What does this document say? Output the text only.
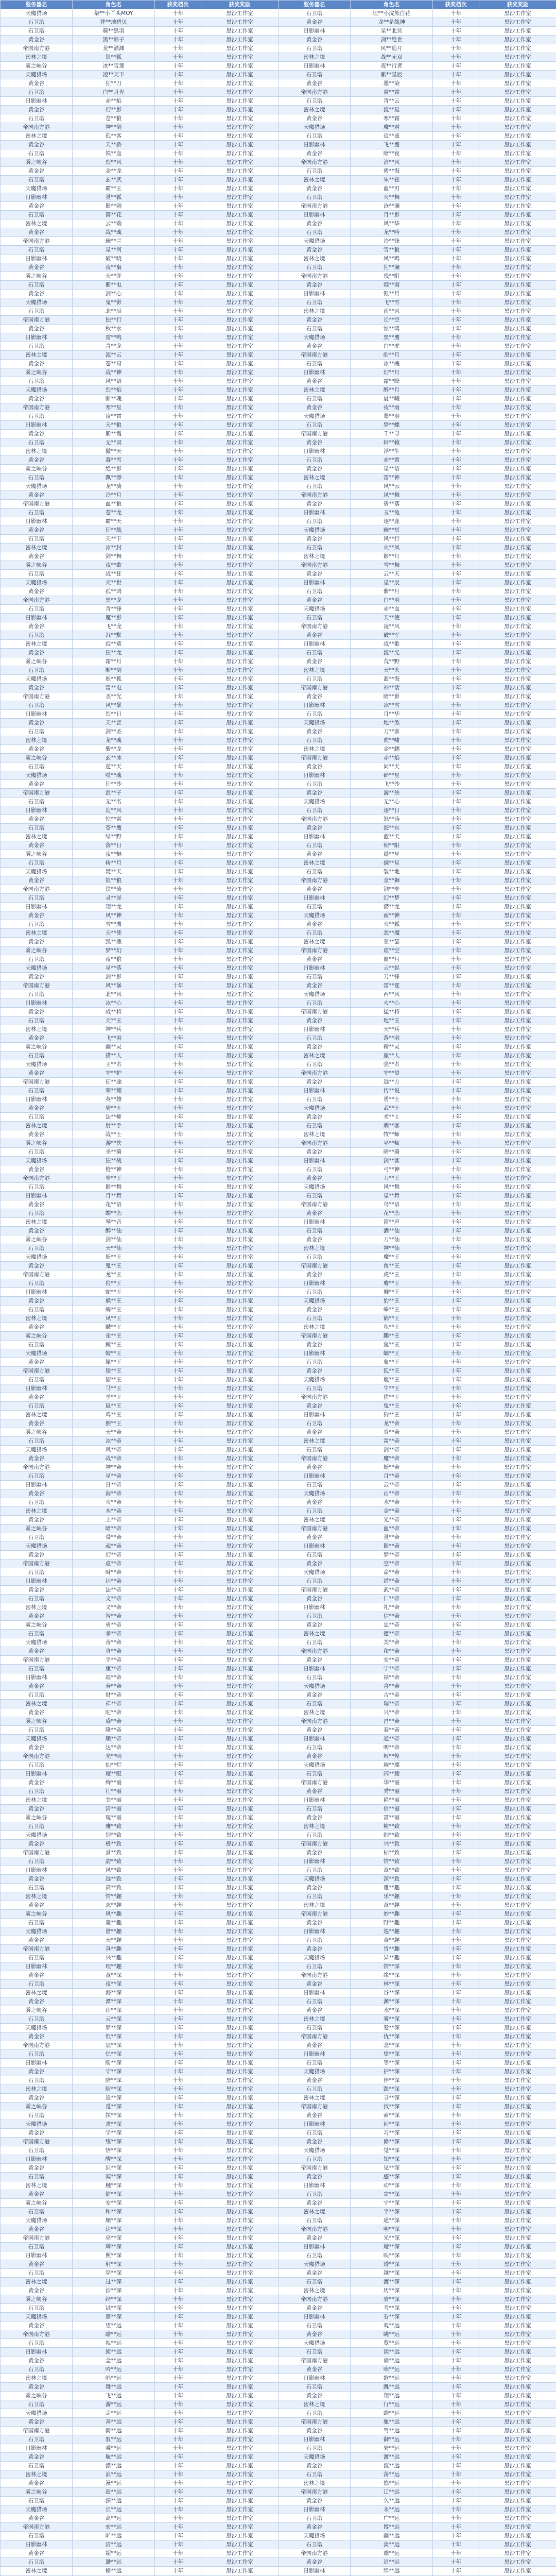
服务器名	角色名	获奖档次	获奖奖励	服务器名	角色名	获奖档次	获奖奖励
天魔猎场	桀**小丫头MOY	十年	黑沙工作室	石卫塔	坦**小浣熊白花	十年	黑沙工作室
石卫塔	葬**地碧贝	十年	黑沙工作室	黄金谷	龙**是战神	十年	黑沙工作室
石卫塔	骑**黑羽	十年	黑沙工作室	日影幽林	星**北冥	十年	黑沙工作室
黄金谷	黑**影子	十年	黑沙工作室	黄金谷	剑**绝世	十年	黑沙工作室
帝国南方港	龙**潜渊	十年	黑沙工作室	石卫塔	风**追月	十年	黑沙工作室
密林之境	银**狐	十年	黑沙工作室	密林之境	战**无双	十年	黑沙工作室
雾之峡谷	冰**雪莲	十年	黑沙工作室	日影幽林	夜**行者	十年	黑沙工作室
天魔猎场	凌**天下	十年	黑沙工作室	石卫塔	紫**星辰	十年	黑沙工作室
黄金谷	狂**刀	十年	黑沙工作室	黄金谷	墨**染	十年	黑沙工作室
石卫塔	白**月光	十年	黑沙工作室	帝国南方港	雷**霆	十年	黑沙工作室
日影幽林	赤**焰	十年	黑沙工作室	石卫塔	青**云	十年	黑沙工作室
黄金谷	幻**影	十年	黑沙工作室	密林之境	流**星	十年	黑沙工作室
石卫塔	苍**狼	十年	黑沙工作室	黄金谷	寒**霜	十年	黑沙工作室
帝国南方港	神**剑	十年	黑沙工作室	天魔猎场	魔**君	十年	黑沙工作室
密林之境	孤**客	十年	黑沙工作室	石卫塔	逍**遥	十年	黑沙工作室
黄金谷	天**骄	十年	黑沙工作室	日影幽林	飞**鹰	十年	黑沙工作室
石卫塔	铁**血	十年	黑沙工作室	黄金谷	暗**夜	十年	黑沙工作室
雾之峡谷	烈**风	十年	黑沙工作室	帝国南方港	清**风	十年	黑沙工作室
黄金谷	金**龙	十年	黑沙工作室	石卫塔	碧**海	十年	黑沙工作室
石卫塔	玄**武	十年	黑沙工作室	密林之境	朱**雀	十年	黑沙工作室
天魔猎场	霸**王	十年	黑沙工作室	黄金谷	血**刃	十年	黑沙工作室
日影幽林	灵**狐	十年	黑沙工作室	石卫塔	火**舞	十年	黑沙工作室
黄金谷	影**刺	十年	黑沙工作室	帝国南方港	沧**澜	十年	黑沙工作室
石卫塔	落**花	十年	黑沙工作室	日影幽林	月**影	十年	黑沙工作室
密林之境	云**端	十年	黑沙工作室	黄金谷	风**华	十年	黑沙工作室
黄金谷	战**魂	十年	黑沙工作室	石卫塔	龙**吟	十年	黑沙工作室
帝国南方港	幽**兰	十年	黑沙工作室	天魔猎场	冷**锋	十年	黑沙工作室
石卫塔	星**河	十年	黑沙工作室	黄金谷	雪**狼	十年	黑沙工作室
日影幽林	破**晓	十年	黑沙工作室	密林之境	凤**鸣	十年	黑沙工作室
黄金谷	夜**枭	十年	黑沙工作室	石卫塔	狂**澜	十年	黑沙工作室
雾之峡谷	天**涯	十年	黑沙工作室	帝国南方港	残**阳	十年	黑沙工作室
石卫塔	紫**电	十年	黑沙工作室	黄金谷	烟**雨	十年	黑沙工作室
黄金谷	剑**心	十年	黑沙工作室	日影幽林	银**月	十年	黑沙工作室
天魔猎场	鬼**影	十年	黑沙工作室	石卫塔	飞**雪	十年	黑沙工作室
石卫塔	北**辰	十年	黑沙工作室	密林之境	南**风	十年	黑沙工作室
帝国南方港	独**行	十年	黑沙工作室	黄金谷	长**空	十年	黑沙工作室
黄金谷	秋**水	十年	黑沙工作室	石卫塔	惊**鸿	十年	黑沙工作室
日影幽林	雷**鸣	十年	黑沙工作室	天魔猎场	黑**鹰	十年	黑沙工作室
石卫塔	青**龙	十年	黑沙工作室	黄金谷	白**虎	十年	黑沙工作室
密林之境	流**云	十年	黑沙工作室	帝国南方港	皓**月	十年	黑沙工作室
黄金谷	苍**穹	十年	黑沙工作室	石卫塔	冰**魄	十年	黑沙工作室
雾之峡谷	战**神	十年	黑沙工作室	日影幽林	幻**月	十年	黑沙工作室
石卫塔	风**语	十年	黑沙工作室	黄金谷	霜**降	十年	黑沙工作室
天魔猎场	烈**焰	十年	黑沙工作室	密林之境	醉**月	十年	黑沙工作室
黄金谷	断**魂	十年	黑沙工作室	石卫塔	晨**曦	十年	黑沙工作室
帝国南方港	寒**星	十年	黑沙工作室	黄金谷	夜**雨	十年	黑沙工作室
石卫塔	凌**霄	十年	黑沙工作室	天魔猎场	墨**羽	十年	黑沙工作室
日影幽林	天**狼	十年	黑沙工作室	石卫塔	梦**蝶	十年	黑沙工作室
黄金谷	紫**霞	十年	黑沙工作室	帝国南方港	千**寻	十年	黑沙工作室
石卫塔	无**双	十年	黑沙工作室	黄金谷	轩**辕	十年	黑沙工作室
密林之境	傲**天	十年	黑沙工作室	日影幽林	浮**生	十年	黑沙工作室
黄金谷	暮**雪	十年	黑沙工作室	石卫塔	赤**霄	十年	黑沙工作室
雾之峡谷	绝**影	十年	黑沙工作室	黄金谷	星**语	十年	黑沙工作室
石卫塔	飘**渺	十年	黑沙工作室	密林之境	雷**神	十年	黑沙工作室
天魔猎场	龙**骑	十年	黑沙工作室	石卫塔	风**云	十年	黑沙工作室
黄金谷	冷**月	十年	黑沙工作室	帝国南方港	凤**舞	十年	黑沙工作室
帝国南方港	血**狼	十年	黑沙工作室	黄金谷	碧**落	十年	黑沙工作室
石卫塔	苍**龙	十年	黑沙工作室	日影幽林	玉**兔	十年	黑沙工作室
日影幽林	霸**天	十年	黑沙工作室	石卫塔	逐**鹿	十年	黑沙工作室
黄金谷	狂**战	十年	黑沙工作室	天魔猎场	幽**冥	十年	黑沙工作室
石卫塔	天**下	十年	黑沙工作室	黄金谷	风**行	十年	黑沙工作室
密林之境	冰**封	十年	黑沙工作室	石卫塔	火**凤	十年	黑沙工作室
黄金谷	剑**舞	十年	黑沙工作室	密林之境	影**月	十年	黑沙工作室
雾之峡谷	夜**歌	十年	黑沙工作室	帝国南方港	雪**舞	十年	黑沙工作室
石卫塔	战**狂	十年	黑沙工作室	黄金谷	云**天	十年	黑沙工作室
天魔猎场	灭**世	十年	黑沙工作室	日影幽林	星**辰	十年	黑沙工作室
黄金谷	孤**鸿	十年	黑沙工作室	石卫塔	紫**月	十年	黑沙工作室
帝国南方港	黑**龙	十年	黑沙工作室	黄金谷	白**羽	十年	黑沙工作室
石卫塔	青**锋	十年	黑沙工作室	天魔猎场	赤**血	十年	黑沙工作室
日影幽林	魔**影	十年	黑沙工作室	石卫塔	天**使	十年	黑沙工作室
黄金谷	飞**龙	十年	黑沙工作室	帝国南方港	凌**风	十年	黑沙工作室
石卫塔	沉**默	十年	黑沙工作室	黄金谷	破**军	十年	黑沙工作室
密林之境	寂**寞	十年	黑沙工作室	日影幽林	战**歌	十年	黑沙工作室
黄金谷	狂**龙	十年	黑沙工作室	石卫塔	流**光	十年	黑沙工作室
雾之峡谷	霜**月	十年	黑沙工作室	黄金谷	荒**野	十年	黑沙工作室
石卫塔	断**剑	十年	黑沙工作室	密林之境	天**火	十年	黑沙工作室
天魔猎场	妖**狐	十年	黑沙工作室	石卫塔	蓝**海	十年	黑沙工作室
黄金谷	雷**电	十年	黑沙工作室	帝国南方港	神**话	十年	黑沙工作室
帝国南方港	圣**光	十年	黑沙工作室	黄金谷	暗**影	十年	黑沙工作室
石卫塔	风**暴	十年	黑沙工作室	日影幽林	冰**雪	十年	黑沙工作室
日影幽林	烈**日	十年	黑沙工作室	石卫塔	月**华	十年	黑沙工作室
黄金谷	天**罡	十年	黑沙工作室	天魔猎场	地**煞	十年	黑沙工作室
石卫塔	剑**圣	十年	黑沙工作室	黄金谷	刀**客	十年	黑沙工作室
密林之境	龙**魂	十年	黑沙工作室	石卫塔	虎**啸	十年	黑沙工作室
黄金谷	紫**龙	十年	黑沙工作室	密林之境	金**鹏	十年	黑沙工作室
雾之峡谷	玄**冰	十年	黑沙工作室	帝国南方港	赤**焰	十年	黑沙工作室
石卫塔	逆**天	十年	黑沙工作室	黄金谷	问**天	十年	黑沙工作室
天魔猎场	噬**魂	十年	黑沙工作室	日影幽林	碎**星	十年	黑沙工作室
黄金谷	狂**沙	十年	黑沙工作室	石卫塔	飞**沙	十年	黑沙工作室
帝国南方港	浪**子	十年	黑沙工作室	黄金谷	游**侠	十年	黑沙工作室
石卫塔	无**名	十年	黑沙工作室	天魔猎场	无**心	十年	黑沙工作室
日影幽林	追**风	十年	黑沙工作室	石卫塔	逐**日	十年	黑沙工作室
黄金谷	惊**雷	十年	黑沙工作室	帝国南方港	怒**涛	十年	黑沙工作室
石卫塔	苍**鹰	十年	黑沙工作室	黄金谷	海**东	十年	黑沙工作室
密林之境	绿**野	十年	黑沙工作室	日影幽林	蓝**天	十年	黑沙工作室
黄金谷	落**日	十年	黑沙工作室	石卫塔	朝**阳	十年	黑沙工作室
雾之峡谷	夜**魅	十年	黑沙工作室	黄金谷	晨**星	十年	黑沙工作室
石卫塔	斩**月	十年	黑沙工作室	密林之境	摘**星	十年	黑沙工作室
天魔猎场	焚**天	十年	黑沙工作室	石卫塔	裂**地	十年	黑沙工作室
黄金谷	银**狼	十年	黑沙工作室	帝国南方港	金**狮	十年	黑沙工作室
帝国南方港	铁**骑	十年	黑沙工作室	黄金谷	钢**拳	十年	黑沙工作室
石卫塔	灵**犀	十年	黑沙工作室	日影幽林	幻**梦	十年	黑沙工作室
日影幽林	翔**龙	十年	黑沙工作室	石卫塔	潜**龙	十年	黑沙工作室
黄金谷	风**神	十年	黑沙工作室	天魔猎场	雨**神	十年	黑沙工作室
石卫塔	雪**鹰	十年	黑沙工作室	黄金谷	火**狐	十年	黑沙工作室
密林之境	天**使	十年	黑沙工作室	石卫塔	恶**魔	十年	黑沙工作室
黄金谷	凯**撒	十年	黑沙工作室	密林之境	亚**瑟	十年	黑沙工作室
雾之峡谷	梦**幻	十年	黑沙工作室	帝国南方港	虚**空	十年	黑沙工作室
石卫塔	夜**狼	十年	黑沙工作室	黄金谷	血**月	十年	黑沙工作室
天魔猎场	星**落	十年	黑沙工作室	日影幽林	云**起	十年	黑沙工作室
黄金谷	剑**影	十年	黑沙工作室	石卫塔	刀**锋	十年	黑沙工作室
帝国南方港	风**暴	十年	黑沙工作室	黄金谷	雷**霆	十年	黑沙工作室
石卫塔	北**风	十年	黑沙工作室	天魔猎场	西**风	十年	黑沙工作室
日影幽林	冰**心	十年	黑沙工作室	石卫塔	火**心	十年	黑沙工作室
黄金谷	战**将	十年	黑沙工作室	帝国南方港	猛**将	十年	黑沙工作室
石卫塔	天**王	十年	黑沙工作室	黄金谷	地**王	十年	黑沙工作室
密林之境	神**兵	十年	黑沙工作室	日影幽林	天**兵	十年	黑沙工作室
黄金谷	飞**羽	十年	黑沙工作室	石卫塔	落**羽	十年	黑沙工作室
雾之峡谷	幽**灵	十年	黑沙工作室	黄金谷	精**灵	十年	黑沙工作室
石卫塔	猎**人	十年	黑沙工作室	密林之境	旅**人	十年	黑沙工作室
天魔猎场	王**者	十年	黑沙工作室	石卫塔	强**者	十年	黑沙工作室
黄金谷	守**护	十年	黑沙工作室	帝国南方港	守**望	十年	黑沙工作室
帝国南方港	征**途	十年	黑沙工作室	黄金谷	远**方	十年	黑沙工作室
石卫塔	荣**耀	十年	黑沙工作室	日影幽林	传**说	十年	黑沙工作室
日影幽林	英**雄	十年	黑沙工作室	石卫塔	勇**士	十年	黑沙工作室
黄金谷	骑**士	十年	黑沙工作室	天魔猎场	武**士	十年	黑沙工作室
石卫塔	法**师	十年	黑沙工作室	黄金谷	术**士	十年	黑沙工作室
密林之境	射**手	十年	黑沙工作室	石卫塔	刺**客	十年	黑沙工作室
黄金谷	战**士	十年	黑沙工作室	密林之境	牧**师	十年	黑沙工作室
雾之峡谷	游**侠	十年	黑沙工作室	帝国南方港	巫**师	十年	黑沙工作室
石卫塔	圣**骑	十年	黑沙工作室	黄金谷	暗**骑	十年	黑沙工作室
天魔猎场	狂**战	十年	黑沙工作室	日影幽林	剑**客	十年	黑沙工作室
黄金谷	枪**神	十年	黑沙工作室	石卫塔	弓**神	十年	黑沙工作室
帝国南方港	拳**王	十年	黑沙工作室	黄金谷	刀**王	十年	黑沙工作室
石卫塔	影**舞	十年	黑沙工作室	天魔猎场	风**舞	十年	黑沙工作室
日影幽林	月**舞	十年	黑沙工作室	石卫塔	星**舞	十年	黑沙工作室
黄金谷	花**语	十年	黑沙工作室	帝国南方港	鸟**语	十年	黑沙工作室
石卫塔	蝶**恋	十年	黑沙工作室	黄金谷	花**恋	十年	黑沙工作室
密林之境	琴**音	十年	黑沙工作室	日影幽林	笛**声	十年	黑沙工作室
黄金谷	醉**仙	十年	黑沙工作室	石卫塔	酒**仙	十年	黑沙工作室
雾之峡谷	剑**仙	十年	黑沙工作室	黄金谷	刀**仙	十年	黑沙工作室
石卫塔	天**仙	十年	黑沙工作室	密林之境	神**仙	十年	黑沙工作室
天魔猎场	妖**王	十年	黑沙工作室	石卫塔	魔**王	十年	黑沙工作室
黄金谷	鬼**王	十年	黑沙工作室	帝国南方港	兽**王	十年	黑沙工作室
帝国南方港	龙**王	十年	黑沙工作室	黄金谷	虎**王	十年	黑沙工作室
石卫塔	狼**王	十年	黑沙工作室	日影幽林	鹰**王	十年	黑沙工作室
日影幽林	蛇**王	十年	黑沙工作室	石卫塔	狮**王	十年	黑沙工作室
黄金谷	熊**王	十年	黑沙工作室	天魔猎场	豹**王	十年	黑沙工作室
石卫塔	蝎**王	十年	黑沙工作室	黄金谷	蛛**王	十年	黑沙工作室
密林之境	凤**王	十年	黑沙工作室	石卫塔	鹤**王	十年	黑沙工作室
黄金谷	麟**王	十年	黑沙工作室	密林之境	龟**王	十年	黑沙工作室
雾之峡谷	雀**王	十年	黑沙工作室	帝国南方港	鹏**王	十年	黑沙工作室
石卫塔	鲸**王	十年	黑沙工作室	黄金谷	鲨**王	十年	黑沙工作室
天魔猎场	蛟**王	十年	黑沙工作室	日影幽林	螭**王	十年	黑沙工作室
黄金谷	犀**王	十年	黑沙工作室	石卫塔	象**王	十年	黑沙工作室
帝国南方港	猿**王	十年	黑沙工作室	黄金谷	狐**王	十年	黑沙工作室
石卫塔	貂**王	十年	黑沙工作室	天魔猎场	鹿**王	十年	黑沙工作室
日影幽林	马**王	十年	黑沙工作室	石卫塔	牛**王	十年	黑沙工作室
黄金谷	羊**王	十年	黑沙工作室	帝国南方港	猪**王	十年	黑沙工作室
石卫塔	鼠**王	十年	黑沙工作室	黄金谷	兔**王	十年	黑沙工作室
密林之境	鸡**王	十年	黑沙工作室	日影幽林	狗**王	十年	黑沙工作室
黄金谷	猴**王	十年	黑沙工作室	石卫塔	龙**帝	十年	黑沙工作室
雾之峡谷	天**帝	十年	黑沙工作室	黄金谷	炎**帝	十年	黑沙工作室
石卫塔	冰**帝	十年	黑沙工作室	密林之境	雷**帝	十年	黑沙工作室
天魔猎场	风**帝	十年	黑沙工作室	石卫塔	剑**帝	十年	黑沙工作室
黄金谷	战**帝	十年	黑沙工作室	帝国南方港	魔**帝	十年	黑沙工作室
帝国南方港	神**帝	十年	黑沙工作室	黄金谷	妖**帝	十年	黑沙工作室
石卫塔	星**帝	十年	黑沙工作室	日影幽林	月**帝	十年	黑沙工作室
日影幽林	日**帝	十年	黑沙工作室	石卫塔	云**帝	十年	黑沙工作室
黄金谷	海**帝	十年	黑沙工作室	天魔猎场	山**帝	十年	黑沙工作室
石卫塔	火**帝	十年	黑沙工作室	黄金谷	水**帝	十年	黑沙工作室
密林之境	木**帝	十年	黑沙工作室	石卫塔	金**帝	十年	黑沙工作室
黄金谷	土**帝	十年	黑沙工作室	密林之境	光**帝	十年	黑沙工作室
雾之峡谷	暗**帝	十年	黑沙工作室	帝国南方港	血**帝	十年	黑沙工作室
石卫塔	骨**帝	十年	黑沙工作室	黄金谷	灵**帝	十年	黑沙工作室
天魔猎场	魂**帝	十年	黑沙工作室	日影幽林	影**帝	十年	黑沙工作室
黄金谷	幻**帝	十年	黑沙工作室	石卫塔	梦**帝	十年	黑沙工作室
帝国南方港	虚**帝	十年	黑沙工作室	黄金谷	空**帝	十年	黑沙工作室
石卫塔	时**帝	十年	黑沙工作室	天魔猎场	命**帝	十年	黑沙工作室
日影幽林	运**帝	十年	黑沙工作室	石卫塔	道**帝	十年	黑沙工作室
黄金谷	法**帝	十年	黑沙工作室	帝国南方港	武**帝	十年	黑沙工作室
石卫塔	文**帝	十年	黑沙工作室	黄金谷	仁**帝	十年	黑沙工作室
密林之境	义**帝	十年	黑沙工作室	日影幽林	礼**帝	十年	黑沙工作室
黄金谷	智**帝	十年	黑沙工作室	石卫塔	信**帝	十年	黑沙工作室
雾之峡谷	勇**帝	十年	黑沙工作室	黄金谷	忠**帝	十年	黑沙工作室
石卫塔	孝**帝	十年	黑沙工作室	密林之境	德**帝	十年	黑沙工作室
天魔猎场	善**帝	十年	黑沙工作室	石卫塔	美**帝	十年	黑沙工作室
黄金谷	真**帝	十年	黑沙工作室	帝国南方港	和**帝	十年	黑沙工作室
帝国南方港	平**帝	十年	黑沙工作室	黄金谷	安**帝	十年	黑沙工作室
石卫塔	康**帝	十年	黑沙工作室	日影幽林	宁**帝	十年	黑沙工作室
日影幽林	福**帝	十年	黑沙工作室	石卫塔	禄**帝	十年	黑沙工作室
黄金谷	寿**帝	十年	黑沙工作室	天魔猎场	喜**帝	十年	黑沙工作室
石卫塔	财**帝	十年	黑沙工作室	黄金谷	吉**帝	十年	黑沙工作室
密林之境	祥**帝	十年	黑沙工作室	石卫塔	瑞**帝	十年	黑沙工作室
黄金谷	旺**帝	十年	黑沙工作室	密林之境	兴**帝	十年	黑沙工作室
雾之峡谷	盛**帝	十年	黑沙工作室	帝国南方港	昌**帝	十年	黑沙工作室
石卫塔	隆**帝	十年	黑沙工作室	黄金谷	泰**帝	十年	黑沙工作室
天魔猎场	顺**帝	十年	黑沙工作室	日影幽林	通**帝	十年	黑沙工作室
黄金谷	达**帝	十年	黑沙工作室	石卫塔	明**帝	十年	黑沙工作室
帝国南方港	光**明	十年	黑沙工作室	黄金谷	辉**煌	十年	黑沙工作室
石卫塔	灿**烂	十年	黑沙工作室	天魔猎场	璀**璨	十年	黑沙工作室
日影幽林	耀**眼	十年	黑沙工作室	石卫塔	闪**耀	十年	黑沙工作室
黄金谷	绚**丽	十年	黑沙工作室	帝国南方港	华**丽	十年	黑沙工作室
石卫塔	壮**丽	十年	黑沙工作室	黄金谷	秀**丽	十年	黑沙工作室
密林之境	美**丽	十年	黑沙工作室	日影幽林	艳**丽	十年	黑沙工作室
黄金谷	清**丽	十年	黑沙工作室	石卫塔	俏**丽	十年	黑沙工作室
雾之峡谷	瑰**丽	十年	黑沙工作室	黄金谷	富**丽	十年	黑沙工作室
石卫塔	雅**致	十年	黑沙工作室	密林之境	精**致	十年	黑沙工作室
天魔猎场	别**致	十年	黑沙工作室	石卫塔	细**致	十年	黑沙工作室
黄金谷	极**致	十年	黑沙工作室	帝国南方港	兴**致	十年	黑沙工作室
帝国南方港	景**致	十年	黑沙工作室	黄金谷	标**致	十年	黑沙工作室
石卫塔	韵**致	十年	黑沙工作室	日影幽林	情**致	十年	黑沙工作室
日影幽林	风**致	十年	黑沙工作室	石卫塔	意**致	十年	黑沙工作室
黄金谷	远**致	十年	黑沙工作室	天魔猎场	深**致	十年	黑沙工作室
石卫塔	高**致	十年	黑沙工作室	黄金谷	雅**趣	十年	黑沙工作室
密林之境	情**趣	十年	黑沙工作室	石卫塔	乐**趣	十年	黑沙工作室
黄金谷	志**趣	十年	黑沙工作室	密林之境	意**趣	十年	黑沙工作室
雾之峡谷	风**趣	十年	黑沙工作室	帝国南方港	妙**趣	十年	黑沙工作室
石卫塔	童**趣	十年	黑沙工作室	黄金谷	野**趣	十年	黑沙工作室
天魔猎场	谐**趣	十年	黑沙工作室	日影幽林	逸**趣	十年	黑沙工作室
黄金谷	天**趣	十年	黑沙工作室	石卫塔	奇**趣	十年	黑沙工作室
帝国南方港	真**趣	十年	黑沙工作室	黄金谷	旨**趣	十年	黑沙工作室
石卫塔	兴**趣	十年	黑沙工作室	天魔猎场	异**趣	十年	黑沙工作室
日影幽林	理**趣	十年	黑沙工作室	石卫塔	情**深	十年	黑沙工作室
黄金谷	意**深	十年	黑沙工作室	帝国南方港	缘**深	十年	黑沙工作室
石卫塔	夜**深	十年	黑沙工作室	黄金谷	林**深	十年	黑沙工作室
密林之境	海**深	十年	黑沙工作室	日影幽林	谷**深	十年	黑沙工作室
黄金谷	潭**深	十年	黑沙工作室	石卫塔	渊**深	十年	黑沙工作室
雾之峡谷	山**深	十年	黑沙工作室	黄金谷	水**深	十年	黑沙工作室
石卫塔	云**深	十年	黑沙工作室	密林之境	雾**深	十年	黑沙工作室
天魔猎场	梦**深	十年	黑沙工作室	石卫塔	爱**深	十年	黑沙工作室
黄金谷	恨**深	十年	黑沙工作室	帝国南方港	仇**深	十年	黑沙工作室
帝国南方港	思**深	十年	黑沙工作室	黄金谷	念**深	十年	黑沙工作室
石卫塔	忆**深	十年	黑沙工作室	日影幽林	望**深	十年	黑沙工作室
日影幽林	盼**深	十年	黑沙工作室	石卫塔	等**深	十年	黑沙工作室
黄金谷	守**深	十年	黑沙工作室	天魔猎场	护**深	十年	黑沙工作室
石卫塔	陪**深	十年	黑沙工作室	黄金谷	伴**深	十年	黑沙工作室
密林之境	随**深	十年	黑沙工作室	石卫塔	跟**深	十年	黑沙工作室
黄金谷	追**深	十年	黑沙工作室	密林之境	寻**深	十年	黑沙工作室
雾之峡谷	觅**深	十年	黑沙工作室	帝国南方港	找**深	十年	黑沙工作室
石卫塔	探**深	十年	黑沙工作室	黄金谷	索**深	十年	黑沙工作室
天魔猎场	求**深	十年	黑沙工作室	日影幽林	问**深	十年	黑沙工作室
黄金谷	学**深	十年	黑沙工作室	石卫塔	习**深	十年	黑沙工作室
帝国南方港	练**深	十年	黑沙工作室	黄金谷	修**深	十年	黑沙工作室
石卫塔	悟**深	十年	黑沙工作室	天魔猎场	觉**深	十年	黑沙工作室
日影幽林	醒**深	十年	黑沙工作室	石卫塔	知**深	十年	黑沙工作室
黄金谷	识**深	十年	黑沙工作室	帝国南方港	见**深	十年	黑沙工作室
石卫塔	闻**深	十年	黑沙工作室	黄金谷	感**深	十年	黑沙工作室
密林之境	触**深	十年	黑沙工作室	日影幽林	动**深	十年	黑沙工作室
黄金谷	静**深	十年	黑沙工作室	石卫塔	定**深	十年	黑沙工作室
雾之峡谷	安**深	十年	黑沙工作室	黄金谷	宁**深	十年	黑沙工作室
石卫塔	和**深	十年	黑沙工作室	密林之境	平**深	十年	黑沙工作室
天魔猎场	顺**深	十年	黑沙工作室	石卫塔	通**深	十年	黑沙工作室
黄金谷	达**深	十年	黑沙工作室	帝国南方港	明**深	十年	黑沙工作室
帝国南方港	亮**深	十年	黑沙工作室	黄金谷	光**深	十年	黑沙工作室
石卫塔	辉**深	十年	黑沙工作室	日影幽林	耀**深	十年	黑沙工作室
日影幽林	照**深	十年	黑沙工作室	石卫塔	映**深	十年	黑沙工作室
黄金谷	射**深	十年	黑沙工作室	天魔猎场	透**深	十年	黑沙工作室
石卫塔	穿**深	十年	黑沙工作室	黄金谷	越**深	十年	黑沙工作室
密林之境	过**深	十年	黑沙工作室	石卫塔	渡**深	十年	黑沙工作室
黄金谷	涉**深	十年	黑沙工作室	密林之境	历**深	十年	黑沙工作室
雾之峡谷	经**深	十年	黑沙工作室	帝国南方港	验**深	十年	黑沙工作室
石卫塔	试**深	十年	黑沙工作室	黄金谷	考**深	十年	黑沙工作室
天魔猎场	察**深	十年	黑沙工作室	日影幽林	看**深	十年	黑沙工作室
黄金谷	望**远	十年	黑沙工作室	石卫塔	观**远	十年	黑沙工作室
帝国南方港	瞻**远	十年	黑沙工作室	黄金谷	眺**远	十年	黑沙工作室
石卫塔	视**远	十年	黑沙工作室	天魔猎场	览**远	十年	黑沙工作室
日影幽林	阅**远	十年	黑沙工作室	石卫塔	读**远	十年	黑沙工作室
黄金谷	念**远	十年	黑沙工作室	帝国南方港	诵**远	十年	黑沙工作室
石卫塔	吟**远	十年	黑沙工作室	黄金谷	咏**远	十年	黑沙工作室
密林之境	唱**远	十年	黑沙工作室	日影幽林	歌**远	十年	黑沙工作室
黄金谷	舞**远	十年	黑沙工作室	石卫塔	跳**远	十年	黑沙工作室
雾之峡谷	飞**远	十年	黑沙工作室	黄金谷	翔**远	十年	黑沙工作室
石卫塔	游**远	十年	黑沙工作室	密林之境	行**远	十年	黑沙工作室
天魔猎场	走**远	十年	黑沙工作室	石卫塔	跑**远	十年	黑沙工作室
黄金谷	奔**远	十年	黑沙工作室	帝国南方港	驰**远	十年	黑沙工作室
帝国南方港	骋**远	十年	黑沙工作室	黄金谷	驾**远	十年	黑沙工作室
石卫塔	驭**远	十年	黑沙工作室	日影幽林	御**远	十年	黑沙工作室
日影幽林	乘**远	十年	黑沙工作室	石卫塔	骑**远	十年	黑沙工作室
黄金谷	航**远	十年	黑沙工作室	天魔猎场	渡**远	十年	黑沙工作室
石卫塔	漂**远	十年	黑沙工作室	黄金谷	流**远	十年	黑沙工作室
密林之境	浪**远	十年	黑沙工作室	石卫塔	荡**远	十年	黑沙工作室
黄金谷	漫**远	十年	黑沙工作室	密林之境	悠**远	十年	黑沙工作室
雾之峡谷	遥**远	十年	黑沙工作室	帝国南方港	辽**远	十年	黑沙工作室
石卫塔	深**远	十年	黑沙工作室	黄金谷	久**远	十年	黑沙工作室
天魔猎场	长**远	十年	黑沙工作室	日影幽林	永**远	十年	黑沙工作室
黄金谷	高**远	十年	黑沙工作室	石卫塔	广**远	十年	黑沙工作室
帝国南方港	宏**远	十年	黑沙工作室	黄金谷	博**远	十年	黑沙工作室
石卫塔	旷**远	十年	黑沙工作室	天魔猎场	幽**远	十年	黑沙工作室
日影幽林	清**远	十年	黑沙工作室	石卫塔	淡**远	十年	黑沙工作室
黄金谷	超**远	十年	黑沙工作室	帝国南方港	邈**远	十年	黑沙工作室
石卫塔	渺**远	十年	黑沙工作室	黄金谷	迢**远	十年	黑沙工作室
密林之境	修**远	十年	黑沙工作室	日影幽林	绵**远	十年	黑沙工作室
